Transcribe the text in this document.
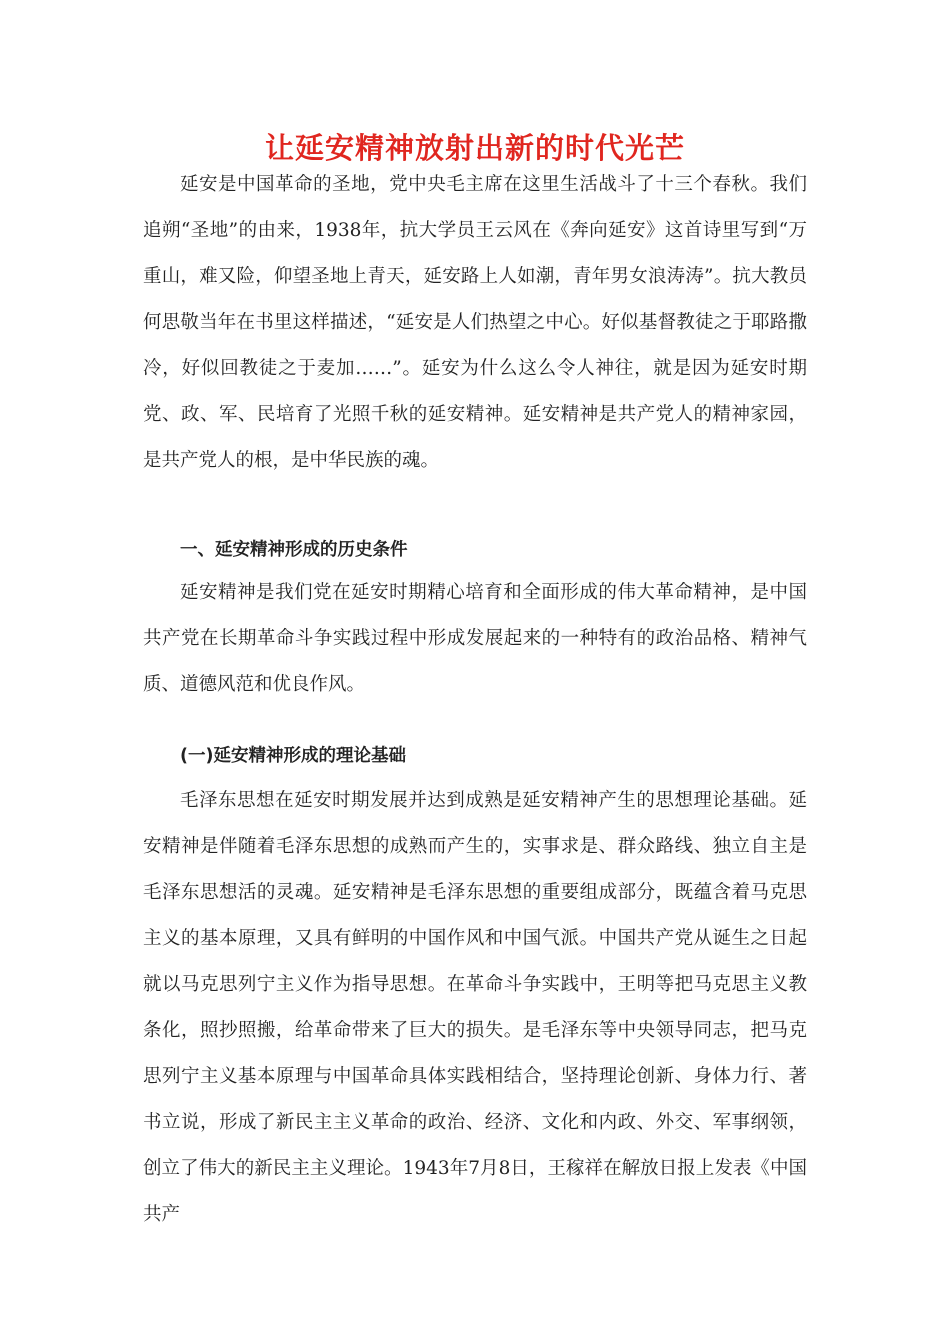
让延安精神放射出新的时代光芒

延安是中国革命的圣地，党中央毛主席在这里生活战斗了十三个春秋。我们追朔“圣地”的由来，1938年，抗大学员王云风在《奔向延安》这首诗里写到“万重山，难又险，仰望圣地上青天，延安路上人如潮，青年男女浪涛涛”。抗大教员何思敬当年在书里这样描述，“延安是人们热望之中心。好似基督教徒之于耶路撒冷，好似回教徒之于麦加……”。延安为什么这么令人神往，就是因为延安时期党、政、军、民培育了光照千秋的延安精神。延安精神是共产党人的精神家园，是共产党人的根，是中华民族的魂。

一、延安精神形成的历史条件

延安精神是我们党在延安时期精心培育和全面形成的伟大革命精神，是中国共产党在长期革命斗争实践过程中形成发展起来的一种特有的政治品格、精神气质、道德风范和优良作风。

(一)延安精神形成的理论基础

毛泽东思想在延安时期发展并达到成熟是延安精神产生的思想理论基础。延安精神是伴随着毛泽东思想的成熟而产生的，实事求是、群众路线、独立自主是毛泽东思想活的灵魂。延安精神是毛泽东思想的重要组成部分，既蕴含着马克思主义的基本原理，又具有鲜明的中国作风和中国气派。中国共产党从诞生之日起就以马克思列宁主义作为指导思想。在革命斗争实践中，王明等把马克思主义教条化，照抄照搬，给革命带来了巨大的损失。是毛泽东等中央领导同志，把马克思列宁主义基本原理与中国革命具体实践相结合，坚持理论创新、身体力行、著书立说，形成了新民主主义革命的政治、经济、文化和内政、外交、军事纲领，创立了伟大的新民主主义理论。1943年7月8日，王稼祥在解放日报上发表《中国共产
